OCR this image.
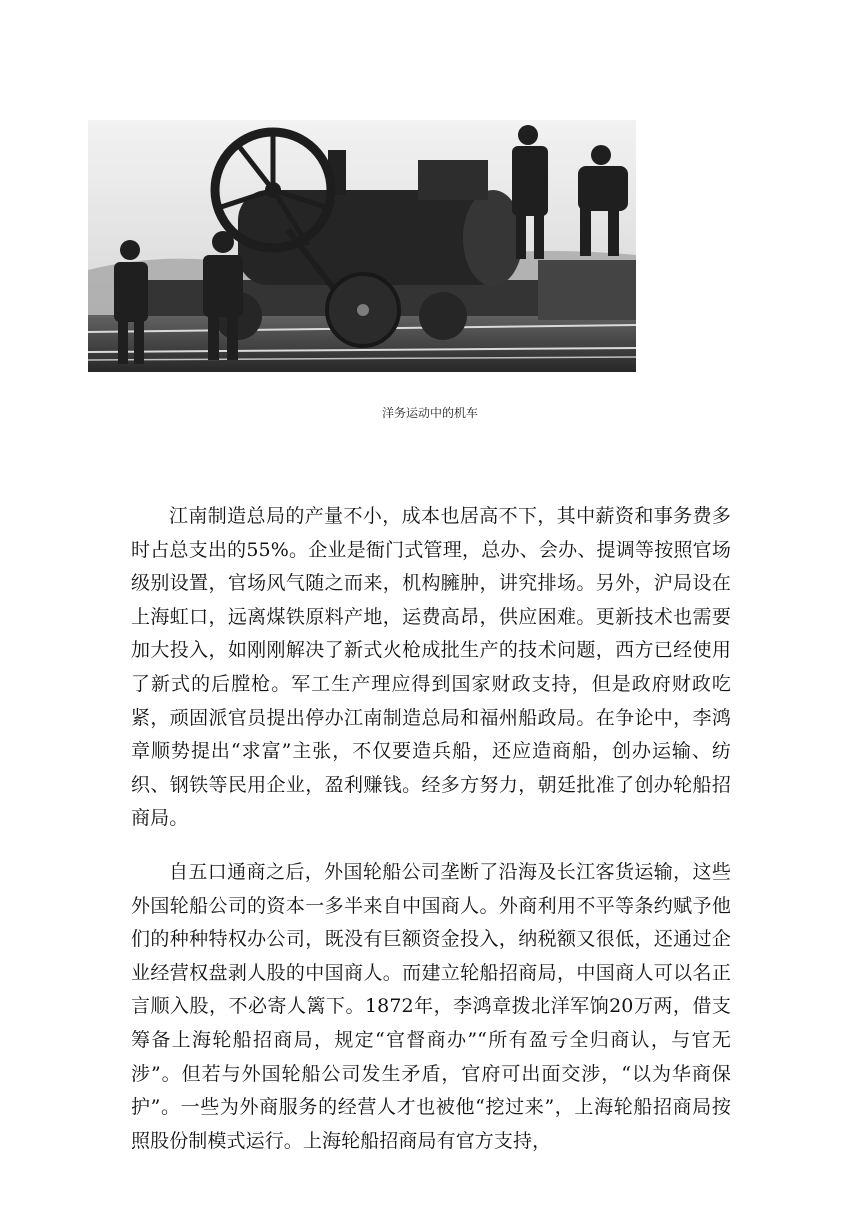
洋务运动中的机车

江南制造总局的产量不小，成本也居高不下，其中薪资和事务费多时占总支出的55%。企业是衙门式管理，总办、会办、提调等按照官场级别设置，官场风气随之而来，机构臃肿，讲究排场。另外，沪局设在上海虹口，远离煤铁原料产地，运费高昂，供应困难。更新技术也需要加大投入，如刚刚解决了新式火枪成批生产的技术问题，西方已经使用了新式的后膛枪。军工生产理应得到国家财政支持，但是政府财政吃紧，顽固派官员提出停办江南制造总局和福州船政局。在争论中，李鸿章顺势提出“求富”主张，不仅要造兵船，还应造商船，创办运输、纺织、钢铁等民用企业，盈利赚钱。经多方努力，朝廷批准了创办轮船招商局。

自五口通商之后，外国轮船公司垄断了沿海及长江客货运输，这些外国轮船公司的资本一多半来自中国商人。外商利用不平等条约赋予他们的种种特权办公司，既没有巨额资金投入，纳税额又很低，还通过企业经营权盘剥人股的中国商人。而建立轮船招商局，中国商人可以名正言顺入股，不必寄人篱下。1872年，李鸿章拨北洋军饷20万两，借支筹备上海轮船招商局，规定“官督商办”“所有盈亏全归商认，与官无涉”。但若与外国轮船公司发生矛盾，官府可出面交涉，“以为华商保护”。一些为外商服务的经营人才也被他“挖过来”，上海轮船招商局按照股份制模式运行。上海轮船招商局有官方支持，
